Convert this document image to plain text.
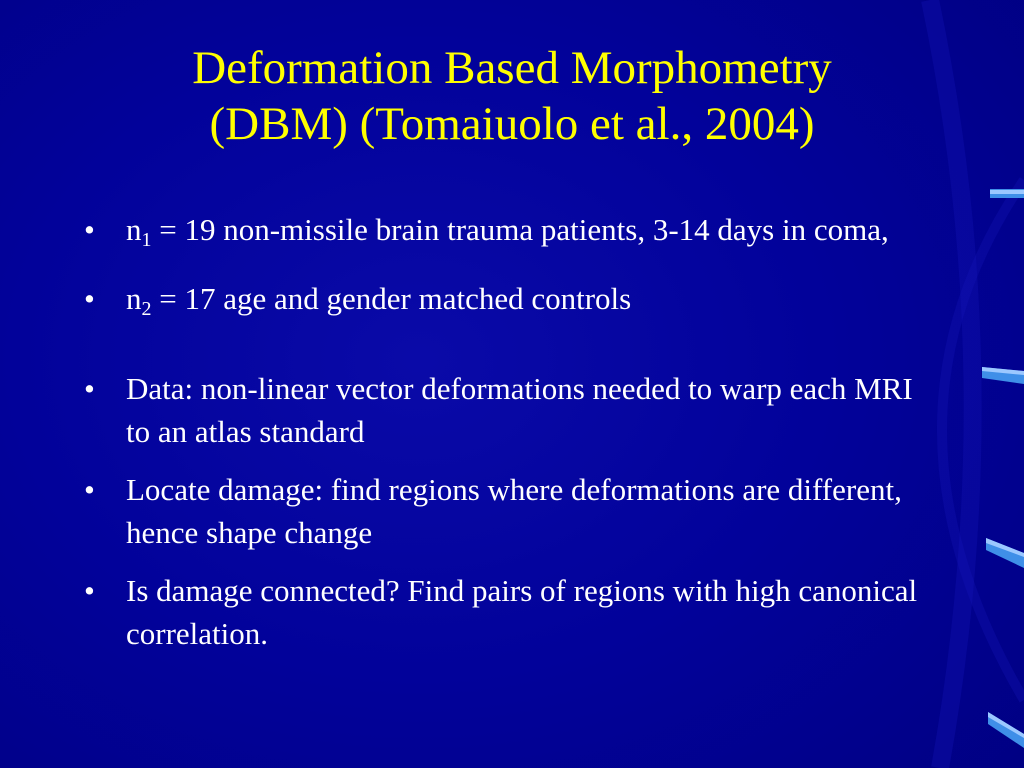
Deformation Based Morphometry
(DBM) (Tomaiuolo et al., 2004)
• $n_1 = 19$ non-missile brain trauma patients, 3-14 days in coma,
• $n_2 = 17$ age and gender matched controls
• Data: non-linear vector deformations needed to warp each MRI to an atlas standard
• Locate damage: find regions where deformations are different, hence shape change
• Is damage connected? Find pairs of regions with high canonical correlation.
